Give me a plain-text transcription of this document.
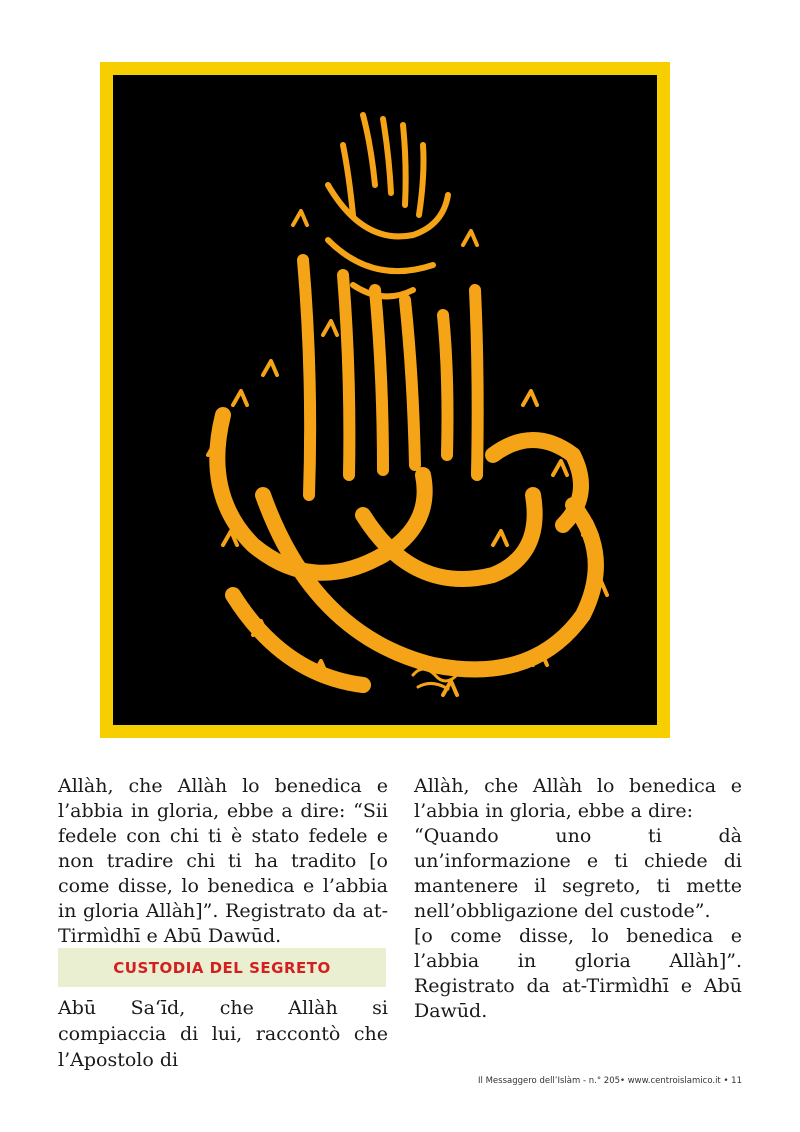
Allàh, che Allàh lo benedica e l’abbia in gloria, ebbe a dire: “Sii fedele con chi ti è stato fedele e non tradire chi ti ha tradito [o come disse, lo benedica e l’abbia in gloria Allàh]”. Registrato da at-Tirmìdhī e Abū Dawūd.

CUSTODIA DEL SEGRETO

Abū Sa‘īd, che Allàh si compiaccia di lui, raccontò che l’Apostolo di

Allàh, che Allàh lo benedica e l’abbia in gloria, ebbe a dire:

“Quando uno ti dà un’informazione e ti chiede di mantenere il segreto, ti mette nell’obbligazione del custode”.

[o come disse, lo benedica e l’abbia in gloria Allàh]”. Registrato da at-Tirmìdhī e Abū Dawūd.

Il Messaggero dell’Islàm - n.° 205• www.centroislamico.it • 11
